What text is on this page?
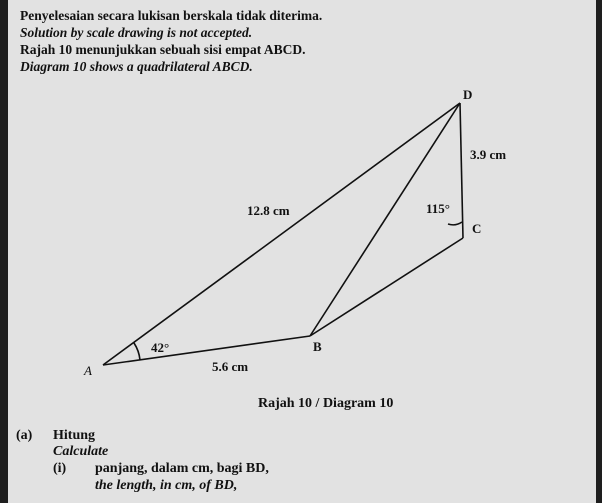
Penyelesaian secara lukisan berskala tidak diterima.
Solution by scale drawing is not accepted.
Rajah 10 menunjukkan sebuah sisi empat ABCD.
Diagram 10 shows a quadrilateral ABCD.
A
B
C
D
12.8 cm
5.6 cm
3.9 cm
42°
115°
Rajah 10 / Diagram 10
(a) Hitung
Calculate
(i) panjang, dalam cm, bagi BD,
the length, in cm, of BD,
